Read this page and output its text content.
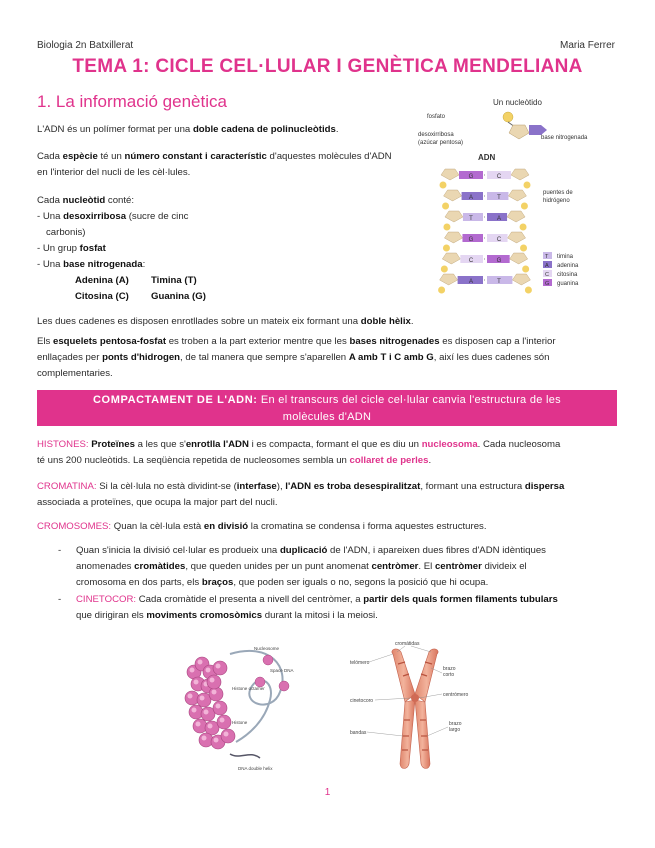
Biologia 2n Batxillerat	Maria Ferrer
TEMA 1: CICLE CEL·LULAR I GENÈTICA MENDELIANA
1. La informació genètica
L'ADN és un polímer format per una doble cadena de polinucleòtids.
Cada espècie té un número constant i característic d'aquestes molècules d'ADN
en l'interior del nucli de les cèl·lules.
Cada nucleòtid conté:
- Una desoxirribosa (sucre de cinc
carbonis)
- Un grup fosfat
- Una base nitrogenada:
Adenina (A) Timina (T)
Citosina (C) Guanina (G)
Les dues cadenes es disposen enrotllades sobre un mateix eix formant una doble hèlix.
Els esquelets pentosa-fosfat es troben a la part exterior mentre que les bases nitrogenades es disposen cap a l'interior
enllaçades per ponts d'hidrogen, de tal manera que sempre s'aparellen A amb T i C amb G, així les dues cadenes són
complementaries.
Un nucleòtido
fosfato
desoxirribosa
(azúcar pentosa)
base nitrogenada
ADN
puentes de
hidrógeno
G	C
A	T
T	A
G	C
C	G
A	T
T timina
A adenina
C citosina
G guanina
COMPACTAMENT DE L'ADN: En el transcurs del cicle cel·lular canvia l'estructura de les
molècules d'ADN
HISTONES: Proteïnes a les que s'enrotlla l'ADN i es compacta, formant el que es diu un nucleosoma. Cada nucleosoma
té uns 200 nucleòtids. La seqüència repetida de nucleosomes sembla un collaret de perles.
CROMATINA: Si la cèl·lula no està dividint-se (interfase), l'ADN es troba desespiralitzat, formant una estructura dispersa
associada a proteïnes, que ocupa la major part del nucli.
CROMOSOMES: Quan la cèl·lula està en divisió la cromatina se condensa i forma aquestes estructures.
- Quan s'inicia la divisió cel·lular es produeix una duplicació de l'ADN, i apareixen dues fibres d'ADN idèntiques
anomenades cromàtides, que queden unides per un punt anomenat centròmer. El centròmer divideix el
cromosoma en dos parts, els braços, que poden ser iguals o no, segons la posició que hi ocupa.
- CINETOCOR: Cada cromàtide el presenta a nivell del centròmer, a partir dels quals formen filaments tubulars
que dirigiran els moviments cromosòmics durant la mitosi i la meiosi.
Nucleosome
Space DNA
Histone octamer
Histone
DNA double helix
cromátidas
telómero
brazo
corto
centrómero
cinetocoro
brazo
largo
bandas
1
